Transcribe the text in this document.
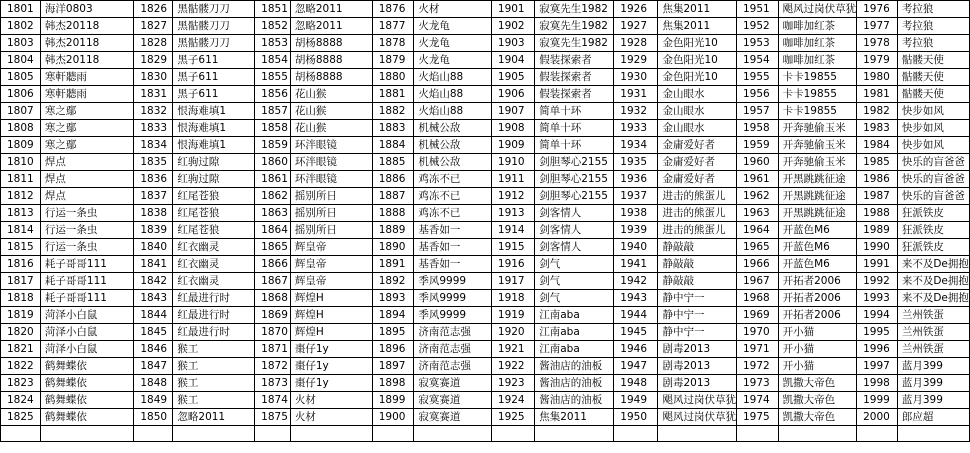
1801	海洋0803	1826	黑骷髅刀刀	1851	忽略2011	1876	火材	1901	寂寞先生1982	1926	焦集2011	1951	飓风过岗伏草犹	1976	考拉狼
1802	韩杰20118	1827	黑骷髅刀刀	1852	忽略2011	1877	火龙龟	1902	寂寞先生1982	1927	焦集2011	1952	咖啡加红茶	1977	考拉狼
1803	韩杰20118	1828	黑骷髅刀刀	1853	胡杨8888	1878	火龙龟	1903	寂寞先生1982	1928	金色阳光10	1953	咖啡加红茶	1978	考拉狼
1804	韩杰20118	1829	黑子611	1854	胡杨8888	1879	火龙龟	1904	假装探索者	1929	金色阳光10	1954	咖啡加红茶	1979	骷髅天使
1805	寒軒聽雨	1830	黑子611	1855	胡杨8888	1880	火焰山88	1905	假装探索者	1930	金色阳光10	1955	卡卡19855	1980	骷髅天使
1806	寒軒聽雨	1831	黑子611	1856	花山猴	1881	火焰山88	1906	假装探索者	1931	金山眼水	1956	卡卡19855	1981	骷髅天使
1807	寒之鄢	1832	恨海难填1	1857	花山猴	1882	火焰山88	1907	简单十环	1932	金山眼水	1957	卡卡19855	1982	快步如风
1808	寒之鄢	1833	恨海难填1	1858	花山猴	1883	机械公敌	1908	简单十环	1933	金山眼水	1958	开奔驰偷玉米	1983	快步如风
1809	寒之鄢	1834	恨海难填1	1859	环泮眼镜	1884	机械公敌	1909	简单十环	1934	金庸爱好者	1959	开奔驰偷玉米	1984	快步如风
1810	焊点	1835	红驹过隙	1860	环泮眼镜	1885	机械公敌	1910	剑胆琴心2155	1935	金庸爱好者	1960	开奔驰偷玉米	1985	快乐的盲爸爸
1811	焊点	1836	红驹过隙	1861	环泮眼镜	1886	鸡冻不已	1911	剑胆琴心2155	1936	金庸爱好者	1961	开黑跳跳征途	1986	快乐的盲爸爸
1812	焊点	1837	红尾苍狼	1862	摇别所日	1887	鸡冻不已	1912	剑胆琴心2155	1937	进击的熊蛋儿	1962	开黑跳跳征途	1987	快乐的盲爸爸
1813	行运一条虫	1838	红尾苍狼	1863	摇别所日	1888	鸡冻不已	1913	剑客情人	1938	进击的熊蛋儿	1963	开黑跳跳征途	1988	狂派铁皮
1814	行运一条虫	1839	红尾苍狼	1864	摇别所日	1889	基香如一	1914	剑客情人	1939	进击的熊蛋儿	1964	开蓝色M6	1989	狂派铁皮
1815	行运一条虫	1840	红衣幽灵	1865	辉皇帝	1890	基香如一	1915	剑客情人	1940	静敲敲	1965	开蓝色M6	1990	狂派铁皮
1816	耗子哥哥111	1841	红衣幽灵	1866	辉皇帝	1891	基香如一	1916	剑气	1941	静敲敲	1966	开蓝色M6	1991	来不及De拥抱
1817	耗子哥哥111	1842	红衣幽灵	1867	辉皇帝	1892	季风9999	1917	剑气	1942	静敲敲	1967	开拓者2006	1992	来不及De拥抱
1818	耗子哥哥111	1843	红最进行时	1868	辉煌H	1893	季风9999	1918	剑气	1943	静中宁一	1968	开拓者2006	1993	来不及De拥抱
1819	菏泽小白鼠	1844	红最进行时	1869	辉煌H	1894	季风9999	1919	江南aba	1944	静中宁一	1969	开拓者2006	1994	兰州铁蛋
1820	菏泽小白鼠	1845	红最进行时	1870	辉煌H	1895	济南范志强	1920	江南aba	1945	静中宁一	1970	开小猫	1995	兰州铁蛋
1821	菏泽小白鼠	1846	猴工	1871	棗仔1y	1896	济南范志强	1921	江南aba	1946	剧毒2013	1971	开小猫	1996	兰州铁蛋
1822	鹤舞蝶依	1847	猴工	1872	棗仔1y	1897	济南范志强	1922	酱油店的油板	1947	剧毒2013	1972	开小猫	1997	蓝月399
1823	鹤舞蝶依	1848	猴工	1873	棗仔1y	1898	寂寞赛道	1923	酱油店的油板	1948	剧毒2013	1973	凯撒大帝色	1998	蓝月399
1824	鹤舞蝶依	1849	猴工	1874	火材	1899	寂寞赛道	1924	酱油店的油板	1949	飓风过岗伏草犹	1974	凯撒大帝色	1999	蓝月399
1825	鹤舞蝶依	1850	忽略2011	1875	火材	1900	寂寞赛道	1925	焦集2011	1950	飓风过岗伏草犹	1975	凯撒大帝色	2000	郎应超
